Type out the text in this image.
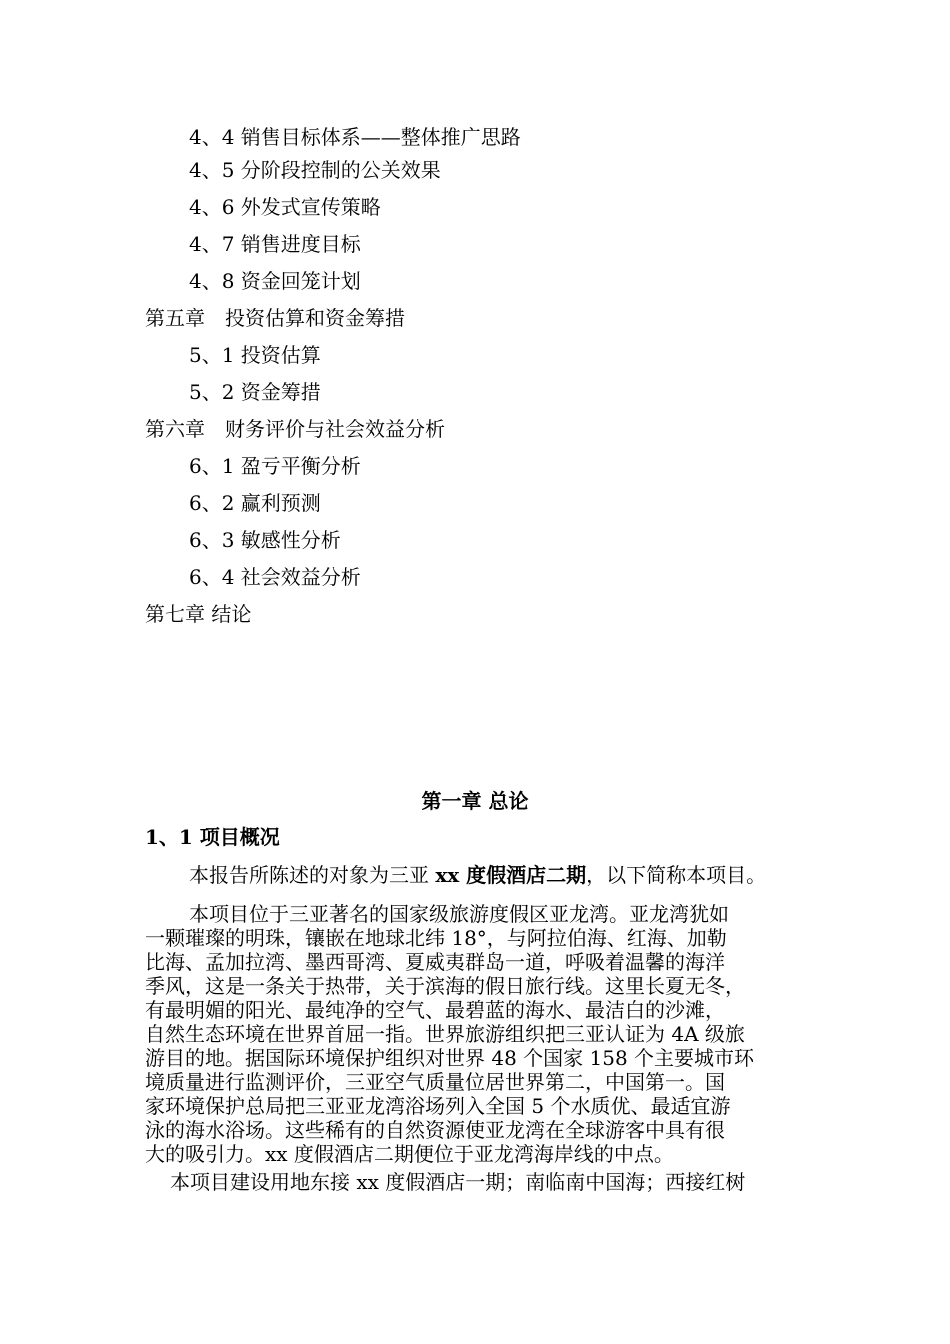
4、4 销售目标体系——整体推广思路
4、5 分阶段控制的公关效果
4、6 外发式宣传策略
4、7 销售进度目标
4、8 资金回笼计划
第五章　投资估算和资金筹措
5、1 投资估算
5、2 资金筹措
第六章　财务评价与社会效益分析
6、1 盈亏平衡分析
6、2 赢利预测
6、3 敏感性分析
6、4 社会效益分析
第七章 结论
第一章 总论
1、1 项目概况
本报告所陈述的对象为三亚 xx 度假酒店二期，以下简称本项目。
本项目位于三亚著名的国家级旅游度假区亚龙湾。亚龙湾犹如
一颗璀璨的明珠，镶嵌在地球北纬 18°，与阿拉伯海、红海、加勒
比海、孟加拉湾、墨西哥湾、夏威夷群岛一道，呼吸着温馨的海洋
季风，这是一条关于热带，关于滨海的假日旅行线。这里长夏无冬，
有最明媚的阳光、最纯净的空气、最碧蓝的海水、最洁白的沙滩，
自然生态环境在世界首屈一指。世界旅游组织把三亚认证为 4A 级旅
游目的地。据国际环境保护组织对世界 48 个国家 158 个主要城市环
境质量进行监测评价，三亚空气质量位居世界第二，中国第一。国
家环境保护总局把三亚亚龙湾浴场列入全国 5 个水质优、最适宜游
泳的海水浴场。这些稀有的自然资源使亚龙湾在全球游客中具有很
大的吸引力。xx 度假酒店二期便位于亚龙湾海岸线的中点。
本项目建设用地东接 xx 度假酒店一期；南临南中国海；西接红树
